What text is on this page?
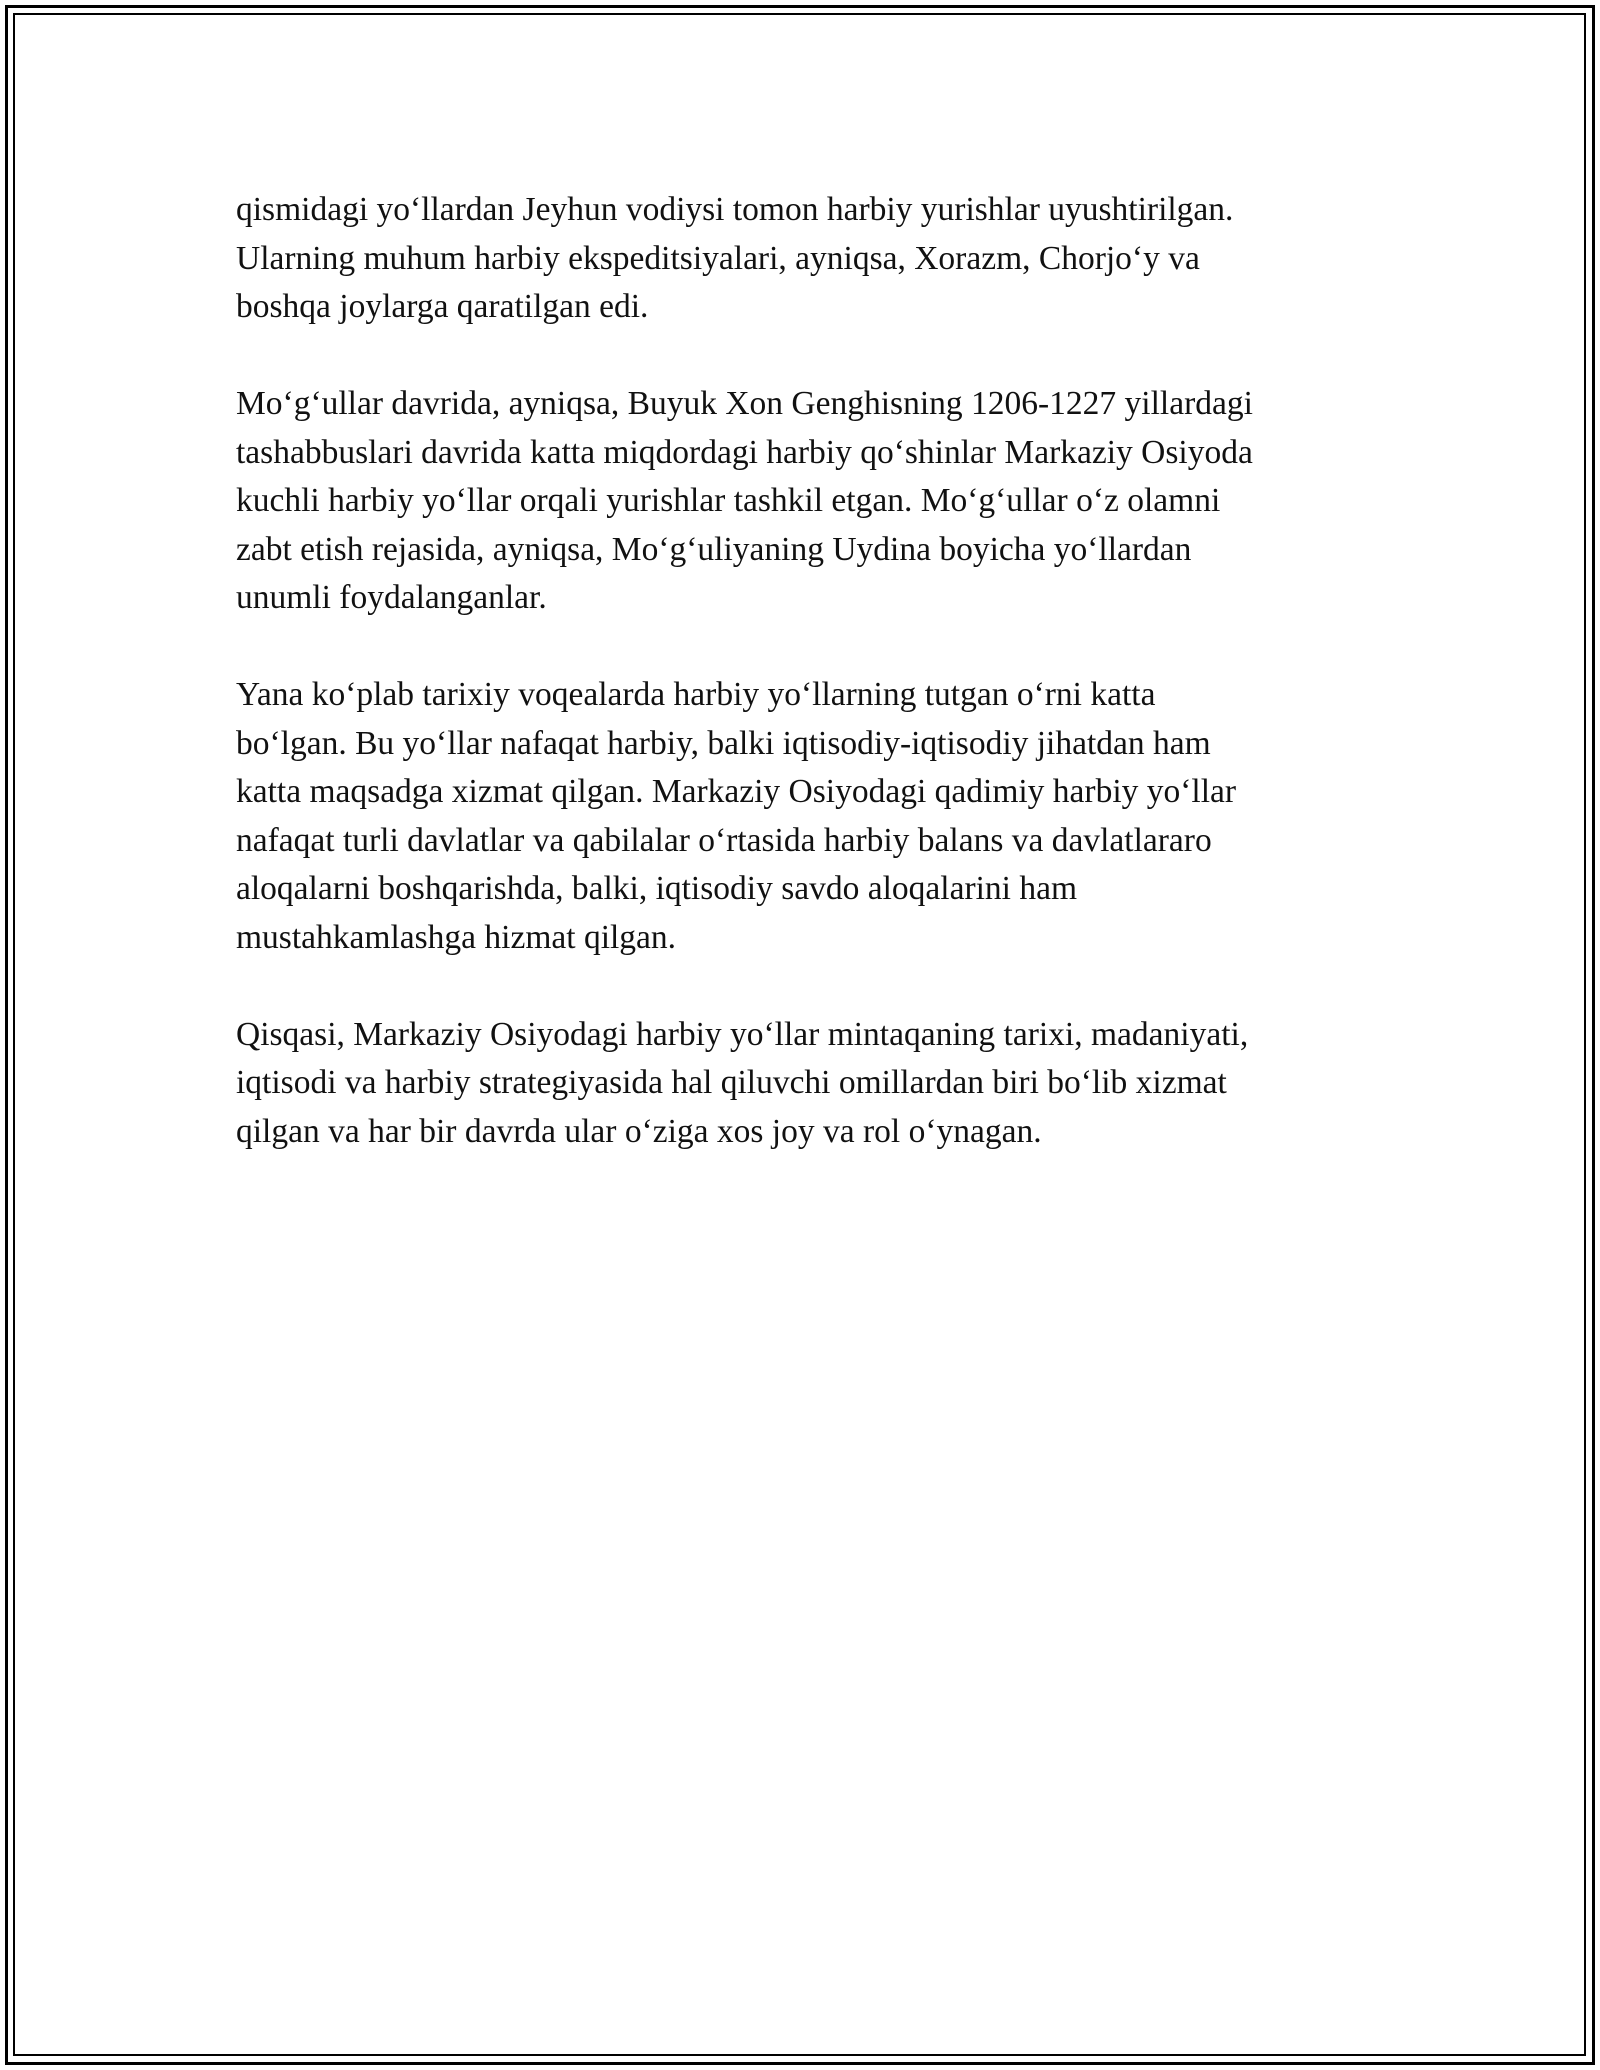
qismidagi yo‘llardan Jeyhun vodiysi tomon harbiy yurishlar uyushtirilgan.
Ularning muhum harbiy ekspeditsiyalari, ayniqsa, Xorazm, Chorjo‘y va
boshqa joylarga qaratilgan edi.

Mo‘g‘ullar davrida, ayniqsa, Buyuk Xon Genghisning 1206-1227 yillardagi
tashabbuslari davrida katta miqdordagi harbiy qo‘shinlar Markaziy Osiyoda
kuchli harbiy yo‘llar orqali yurishlar tashkil etgan. Mo‘g‘ullar o‘z olamni
zabt etish rejasida, ayniqsa, Mo‘g‘uliyaning Uydina boyicha yo‘llardan
unumli foydalanganlar.

Yana ko‘plab tarixiy voqealarda harbiy yo‘llarning tutgan o‘rni katta
bo‘lgan. Bu yo‘llar nafaqat harbiy, balki iqtisodiy-iqtisodiy jihatdan ham
katta maqsadga xizmat qilgan. Markaziy Osiyodagi qadimiy harbiy yo‘llar
nafaqat turli davlatlar va qabilalar o‘rtasida harbiy balans va davlatlararo
aloqalarni boshqarishda, balki, iqtisodiy savdo aloqalarini ham
mustahkamlashga hizmat qilgan.

Qisqasi, Markaziy Osiyodagi harbiy yo‘llar mintaqaning tarixi, madaniyati,
iqtisodi va harbiy strategiyasida hal qiluvchi omillardan biri bo‘lib xizmat
qilgan va har bir davrda ular o‘ziga xos joy va rol o‘ynagan.
